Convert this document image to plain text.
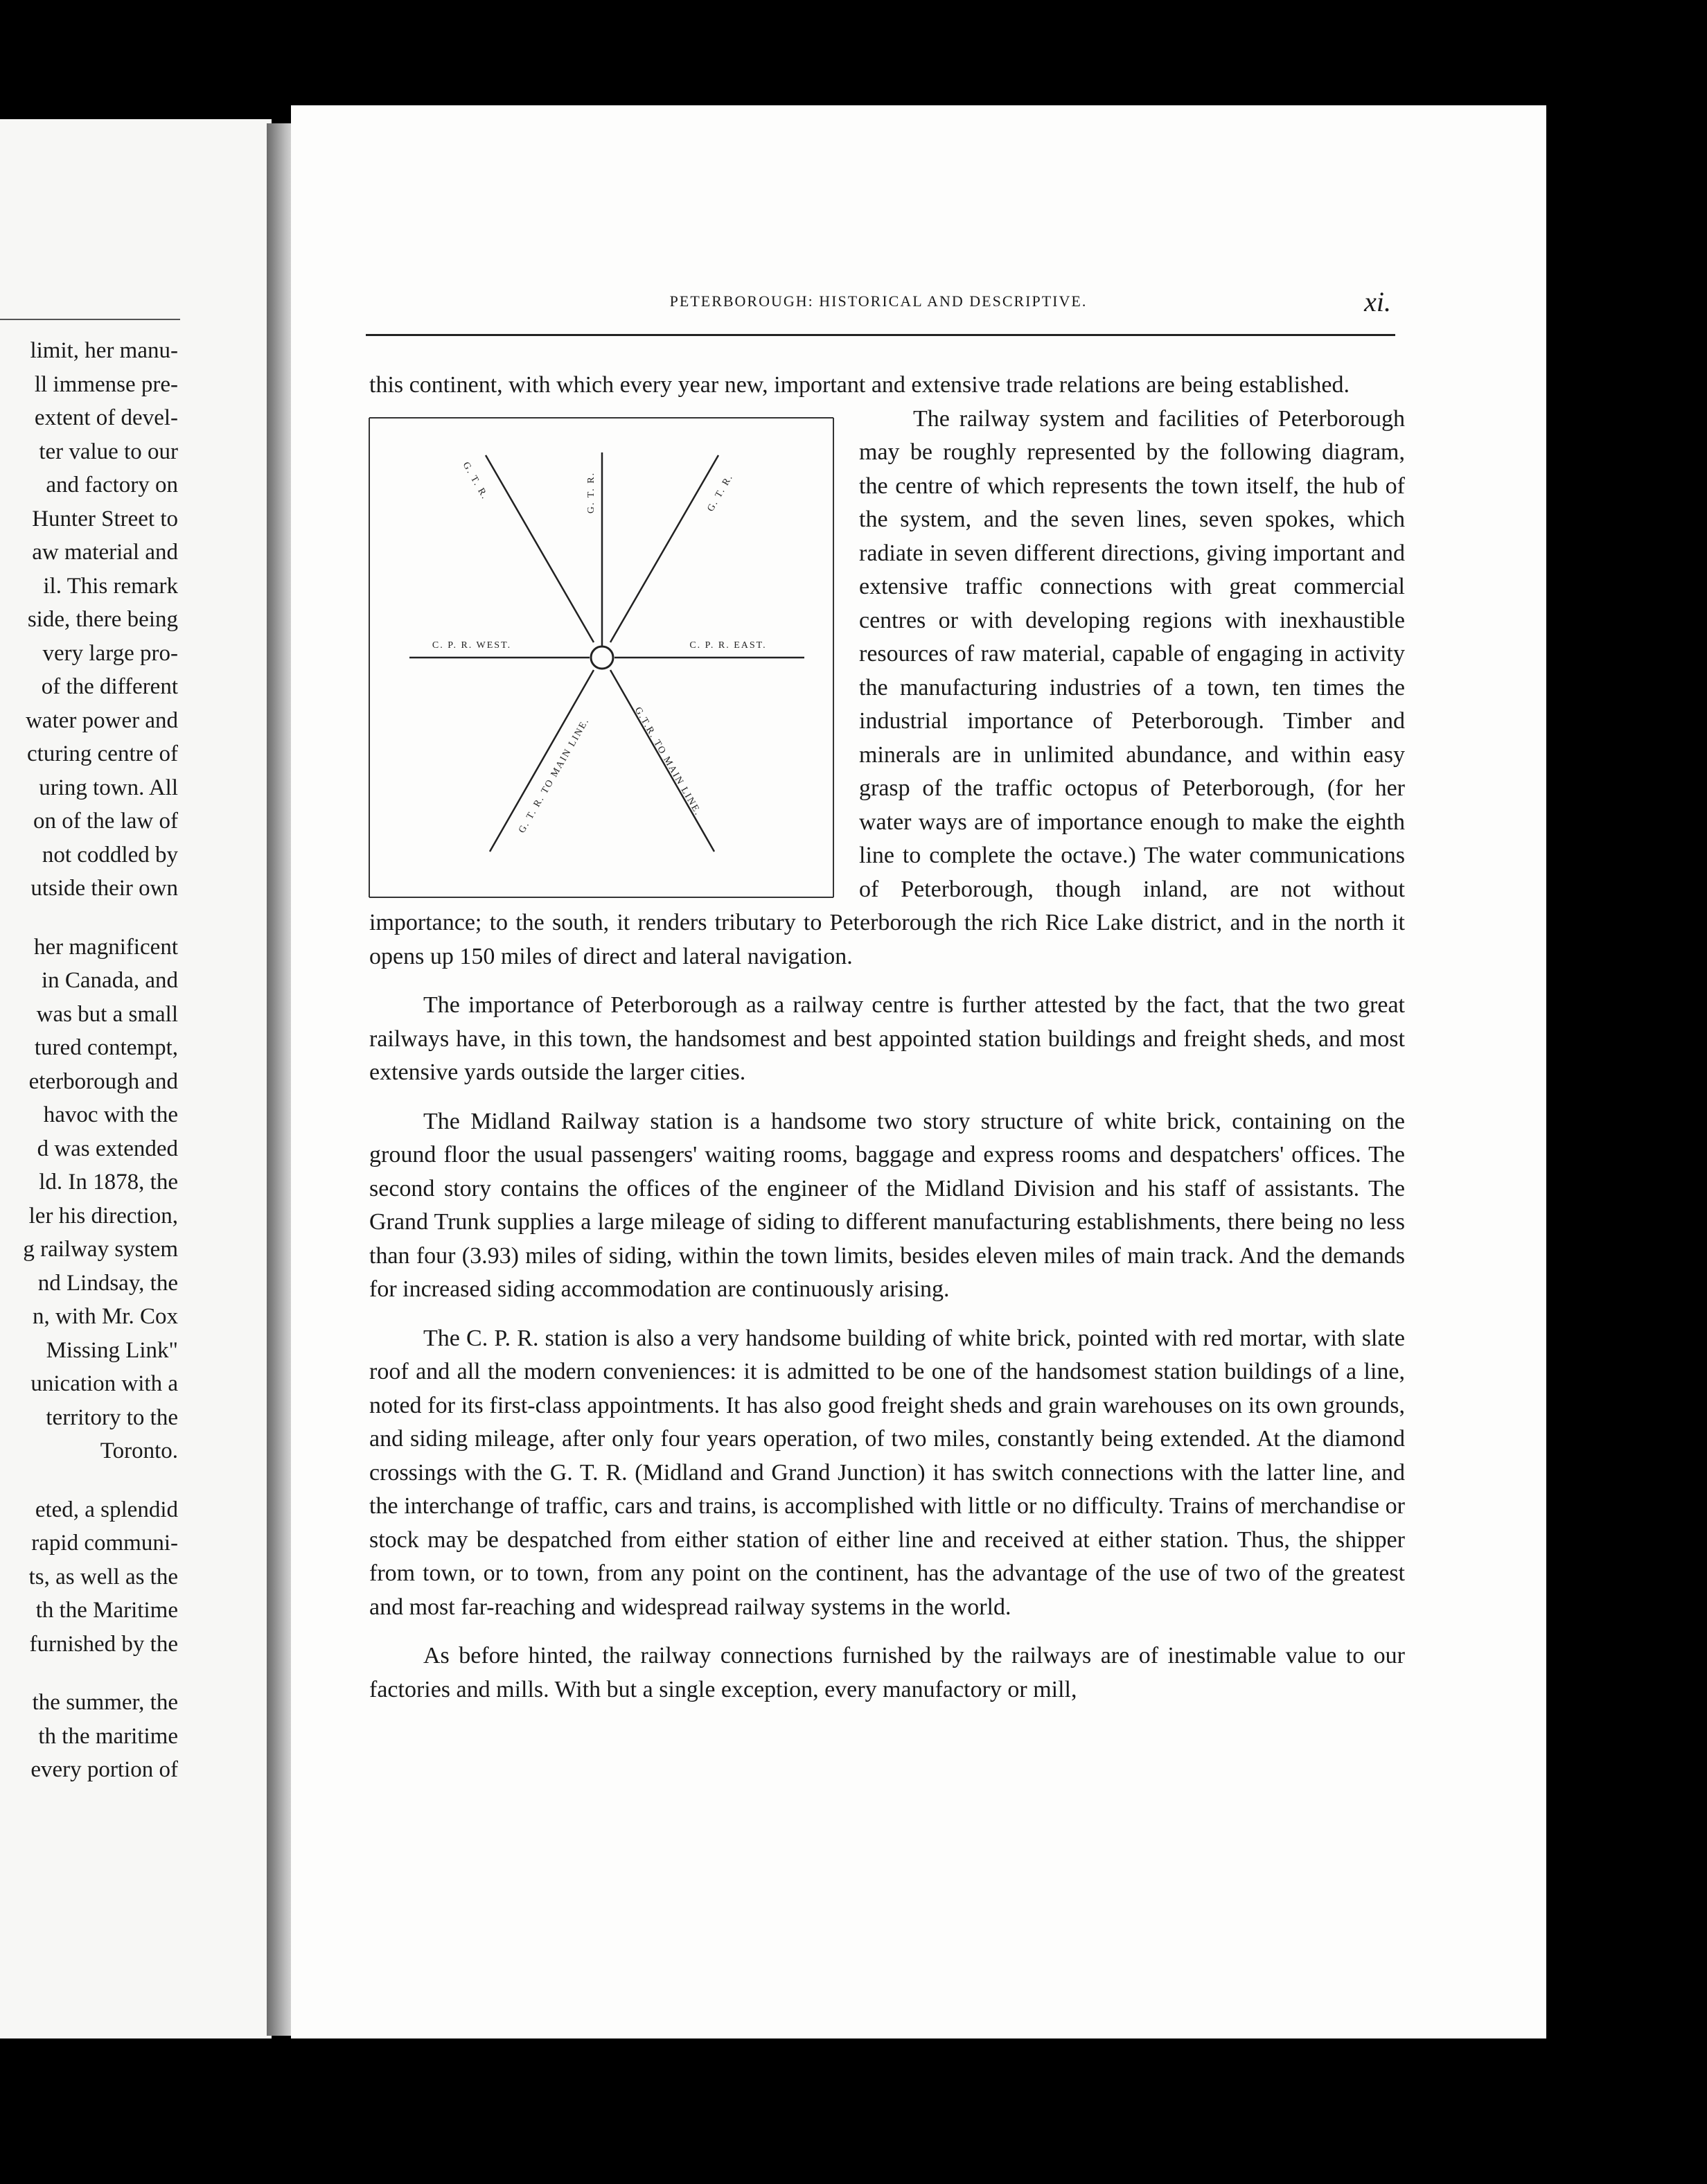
limit, her manu-
ll immense pre-
extent of devel-
ter value to our
and factory on
Hunter Street to
aw material and
il. This remark
side, there being
very large pro-
of the different
water power and
cturing centre of
uring town. All
on of the law of
not coddled by
utside their own
her magnificent
in Canada, and
was but a small
tured contempt,
eterborough and
havoc with the
d was extended
ld. In 1878, the
ler his direction,
g railway system
nd Lindsay, the
n, with Mr. Cox
Missing Link"
unication with a
territory to the
Toronto.
eted, a splendid
rapid communi-
ts, as well as the
th the Maritime
furnished by the
the summer, the
th the maritime
every portion of
PETERBOROUGH: HISTORICAL AND DESCRIPTIVE.	xi.

this continent, with which every year new, important and extensive trade relations are being established.

G. T. R.	G. T. R.	G. T. R.
C. P. R. WEST.	C. P. R. EAST.
G. T. R. TO MAIN LINE.	G.T.R. TO MAIN LINE.

The railway system and facilities of Peterborough may be roughly represented by the following diagram, the centre of which represents the town itself, the hub of the system, and the seven lines, seven spokes, which radiate in seven different directions, giving important and extensive traffic connections with great commercial centres or with developing regions with inexhaustible resources of raw material, capable of engaging in activity the manufacturing industries of a town, ten times the industrial importance of Peterborough. Timber and minerals are in unlimited abundance, and within easy grasp of the traffic octopus of Peterborough, (for her water ways are of importance enough to make the eighth line to complete the octave.) The water communications of Peterborough, though inland, are not without importance; to the south, it renders tributary to Peterborough the rich Rice Lake district, and in the north it opens up 150 miles of direct and lateral navigation.

The importance of Peterborough as a railway centre is further attested by the fact, that the two great railways have, in this town, the handsomest and best appointed station buildings and freight sheds, and most extensive yards outside the larger cities.

The Midland Railway station is a handsome two story structure of white brick, containing on the ground floor the usual passengers' waiting rooms, baggage and express rooms and despatchers' offices. The second story contains the offices of the engineer of the Midland Division and his staff of assistants. The Grand Trunk supplies a large mileage of siding to different manufacturing establishments, there being no less than four (3.93) miles of siding, within the town limits, besides eleven miles of main track. And the demands for increased siding accommodation are continuously arising.

The C. P. R. station is also a very handsome building of white brick, pointed with red mortar, with slate roof and all the modern conveniences: it is admitted to be one of the handsomest station buildings of a line, noted for its first-class appointments. It has also good freight sheds and grain warehouses on its own grounds, and siding mileage, after only four years operation, of two miles, constantly being extended. At the diamond crossings with the G. T. R. (Midland and Grand Junction) it has switch connections with the latter line, and the interchange of traffic, cars and trains, is accomplished with little or no difficulty. Trains of merchandise or stock may be despatched from either station of either line and received at either station. Thus, the shipper from town, or to town, from any point on the continent, has the advantage of the use of two of the greatest and most far-reaching and widespread railway systems in the world.

As before hinted, the railway connections furnished by the railways are of inestimable value to our factories and mills. With but a single exception, every manufactory or mill,
